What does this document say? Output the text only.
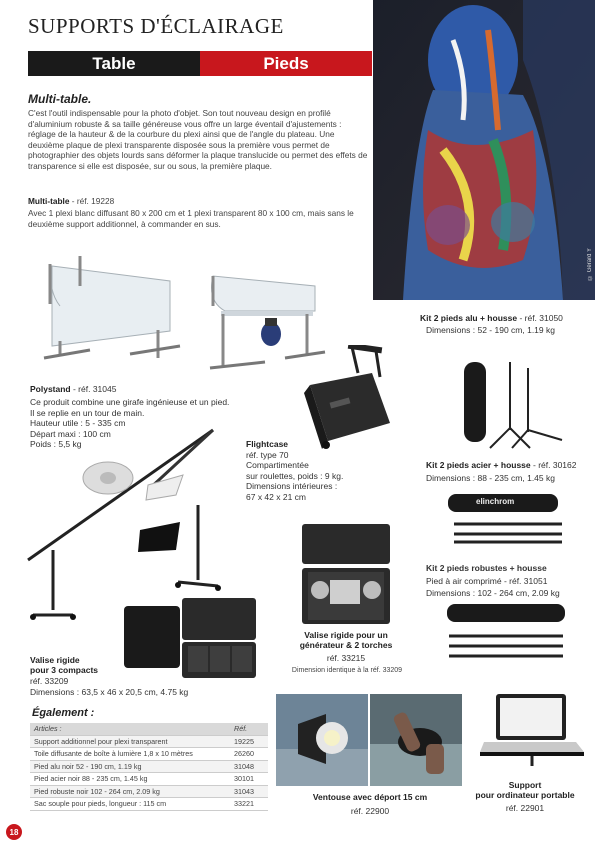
SUPPORTS D'ÉCLAIRAGE
Table	Pieds
© Gérard Y
Multi-table.
C'est l'outil indispensable pour la photo d'objet. Son tout nouveau design en profilé d'aluminium robuste & sa taille généreuse vous offre un large éventail d'ajustements : réglage de la hauteur & de la courbure du plexi ainsi que de l'angle du plateau. Une deuxième plaque de plexi transparente disposée sous la première vous permet de photographier des objets lourds sans déformer la plaque translucide ou permet des effets de transparence si elle est disposée, sur ou sous, la première plaque.
Multi-table - réf. 19228
Avec 1 plexi blanc diffusant 80 x 200 cm et 1 plexi transparent 80 x 100 cm, mais sans le deuxième support additionnel, à commander en sus.
Kit 2 pieds alu + housse - réf. 31050
Dimensions : 52 - 190 cm, 1.19 kg
Polystand - réf. 31045
Ce produit combine une girafe ingénieuse et un pied.
Il se replie en un tour de main.
Hauteur utile : 5 - 335 cm
Départ maxi : 100 cm
Poids : 5,5 kg	Flightcase
réf. type 70
Compartimentée
sur roulettes, poids : 9 kg.
Dimensions intérieures :
67 x 42 x 21 cm
Kit 2 pieds acier + housse - réf. 30162
Dimensions : 88 - 235 cm, 1.45 kg
elinchrom
Kit 2 pieds robustes + housse
Pied à air comprimé - réf. 31051
Dimensions : 102 - 264 cm, 2.09 kg
Valise rigide pour un
générateur & 2 torches
réf. 33215
Dimension identique à la réf. 33209
Valise rigide
pour 3 compacts
réf. 33209
Dimensions : 63,5 x 46 x 20,5 cm, 4.75 kg
Également :
Articles :	Réf.
Support additionnel pour plexi transparent	19225
Toile diffusante de boîte à lumière 1,8 x 10 mètres	26260
Pied alu noir 52 - 190 cm, 1.19 kg	31048
Pied acier noir 88 - 235 cm, 1.45 kg	30101
Pied robuste noir 102 - 264 cm, 2.09 kg	31043
Sac souple pour pieds, longueur : 115 cm	33221
Ventouse avec déport 15 cm
réf. 22900
Support
pour ordinateur portable
réf. 22901
18
